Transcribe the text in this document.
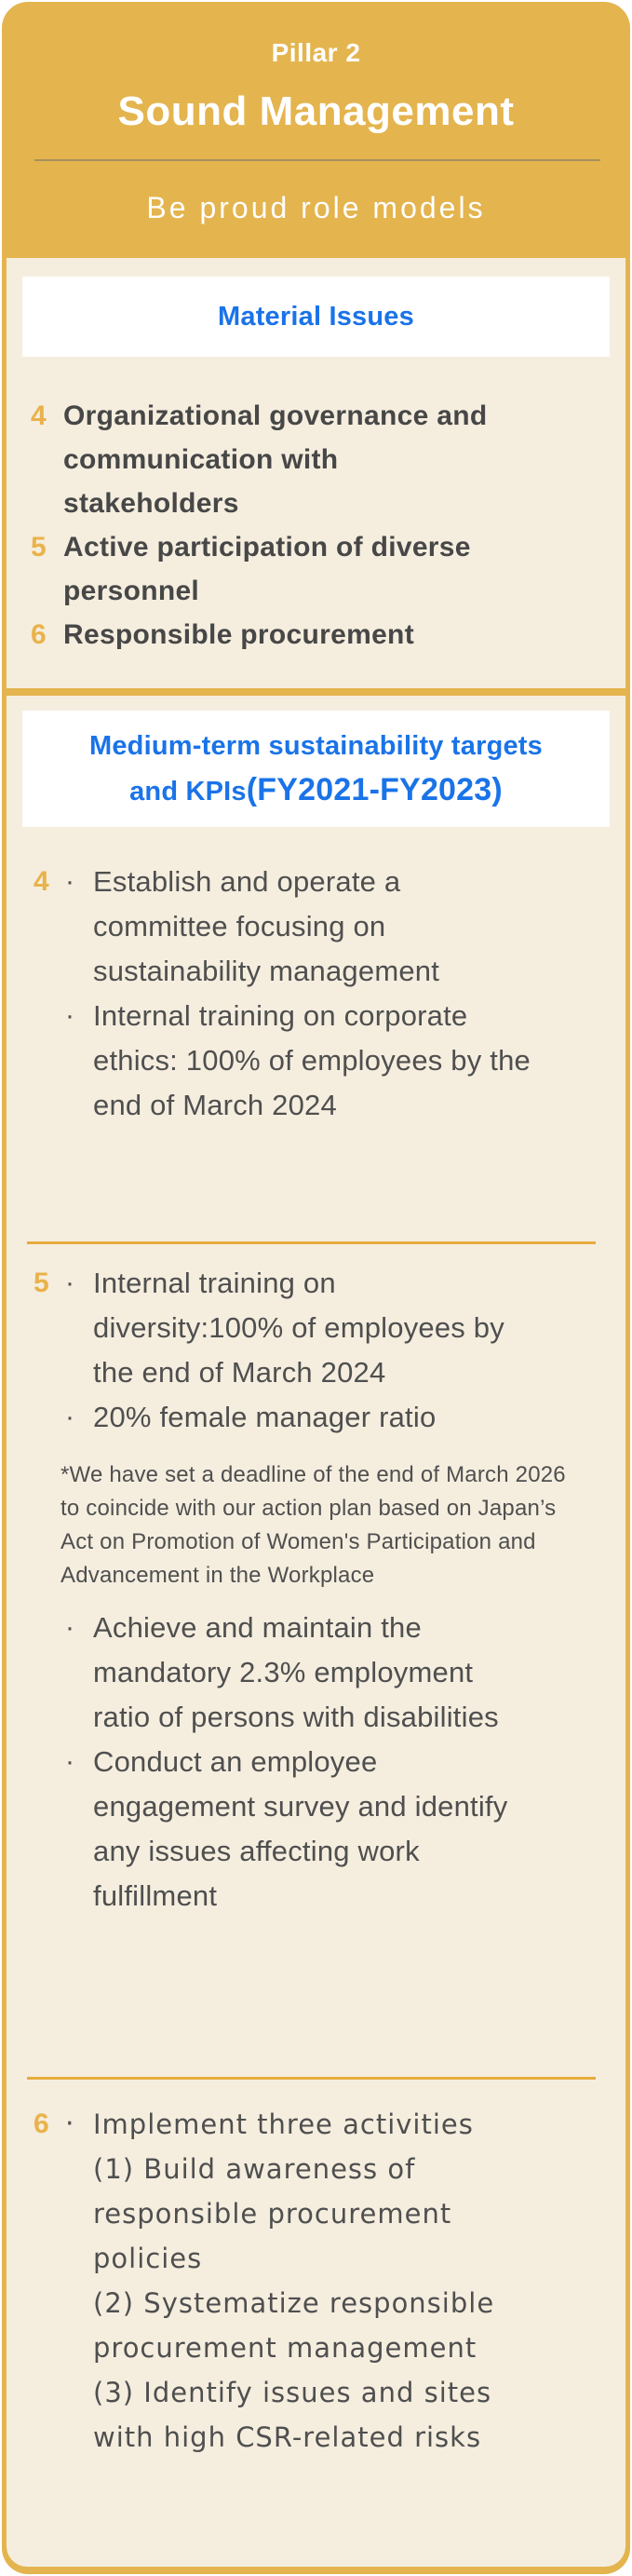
Pillar 2
Sound Management
Be proud role models
Material Issues
4 Organizational governance and
communication with
stakeholders
5 Active participation of diverse
personnel
6 Responsible procurement
Medium-term sustainability targets
and KPIs(FY2021-FY2023)
4 · Establish and operate a
committee focusing on
sustainability management
· Internal training on corporate
ethics: 100% of employees by the
end of March 2024
5 · Internal training on
diversity:100% of employees by
the end of March 2024
· 20% female manager ratio
*We have set a deadline of the end of March 2026
to coincide with our action plan based on Japan’s
Act on Promotion of Women's Participation and
Advancement in the Workplace
· Achieve and maintain the
mandatory 2.3% employment
ratio of persons with disabilities
· Conduct an employee
engagement survey and identify
any issues affecting work
fulfillment
6 · Implement three activities
(1) Build awareness of
responsible procurement
policies
(2) Systematize responsible
procurement management
(3) Identify issues and sites
with high CSR-related risks
